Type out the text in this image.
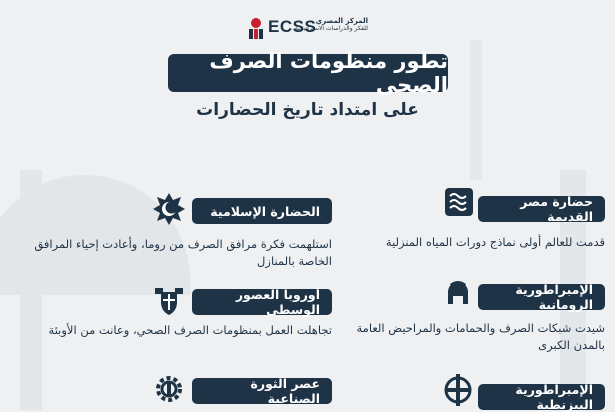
ECSS المركز المصري
للفكر والدراسات الاستراتيجية
تطور منظومات الصرف الصحي
على امتداد تاريخ الحضارات
حضارة مصر القديمة
قدمت للعالم أولى نماذج دورات المياه المنزلية
الإمبراطورية الرومانية
شيدت شبكات الصرف والحمامات والمراحيض العامة
بالمدن الكبرى
الإمبراطورية البيزنطية
الحضارة الإسلامية
استلهمت فكرة مرافق الصرف من روما، وأعادت إحياء المرافق
الخاصة بالمنازل
أوروبا العصور الوسطى
تجاهلت العمل بمنظومات الصرف الصحي، وعانت من الأوبئة
عصر الثورة الصناعية
